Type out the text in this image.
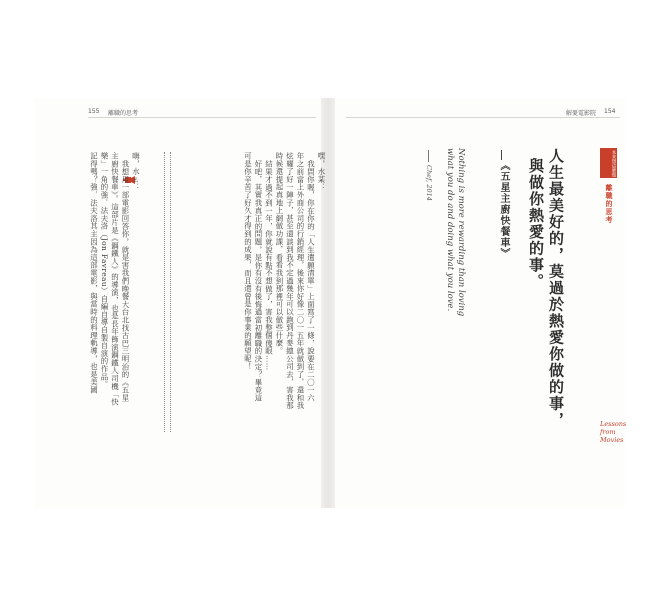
155 離職的思考	解憂電影院 154
嘿，水某：
我問你喔，你在你的「人生遺願清單」上面寫了一條，說要在二〇一六
年之前當上外商公司的行銷經理，後來你好像二〇一五年就做到了，還和我
炫耀了好一陣子，甚至還談到我不定過幾年可以跑到丹麥總公司去，害我那
時候還提起真地上網做功課，看看我到那裡可以做些什麼。
結果才過不到一年，你就說有點不想做了，害我整個傻眼……
好吧，其實我真正的問題，是你有沒有後悔過當初離職的決定？畢竟這
可是你辛苦了好久才得到的成果，而且還曾是你事業的願望呢！
嗨，水ㄊ：
我想用一部電影回答你，就是害我們晚餐大台北找古巴三明治的《五星
主廚快餐車》。這部片是《鋼鐵人》的導演，也是長年飾演鋼鐵人司機「快
樂」一角的強．法夫洛（Jon Favreau）自編自導自製自演的作品。
記得嗎？強．法夫洛其主因為這部電影，與當時的料理軌導，也是美國	本來想這麼做
離職的思考
人生最美好的，莫過於熱愛你做的事，
與做你熱愛的事。
《五星主廚快餐車》
Nothing is more rewarding than loving
what you do and doing what you love.
Chef, 2014
Lessons
from
Movies
